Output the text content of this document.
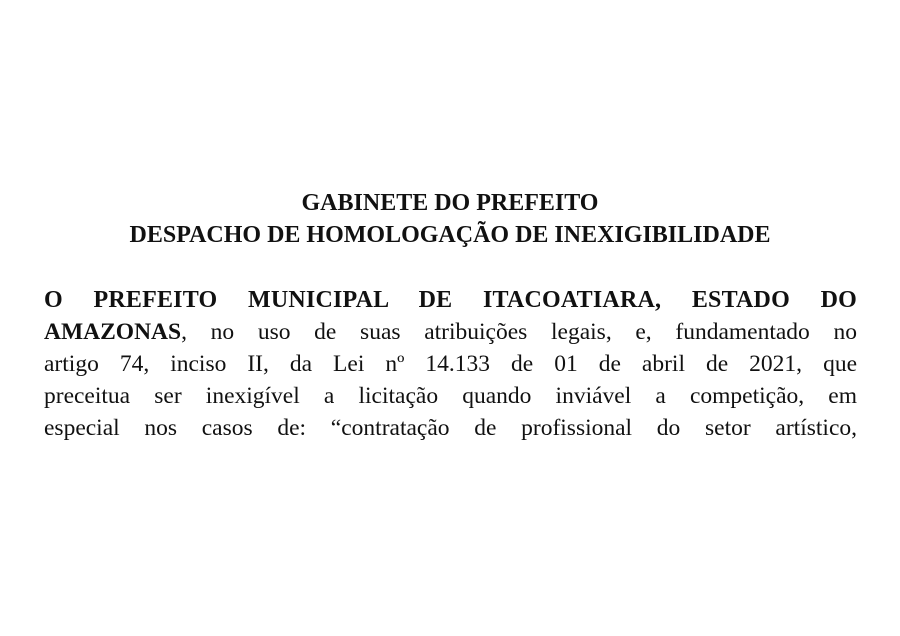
GABINETE DO PREFEITO
DESPACHO DE HOMOLOGAÇÃO DE INEXIGIBILIDADE
O PREFEITO MUNICIPAL DE ITACOATIARA, ESTADO DO
AMAZONAS, no uso de suas atribuições legais, e, fundamentado no
artigo 74, inciso II, da Lei nº 14.133 de 01 de abril de 2021, que
preceitua ser inexigível a licitação quando inviável a competição, em
especial nos casos de: “contratação de profissional do setor artístico,
